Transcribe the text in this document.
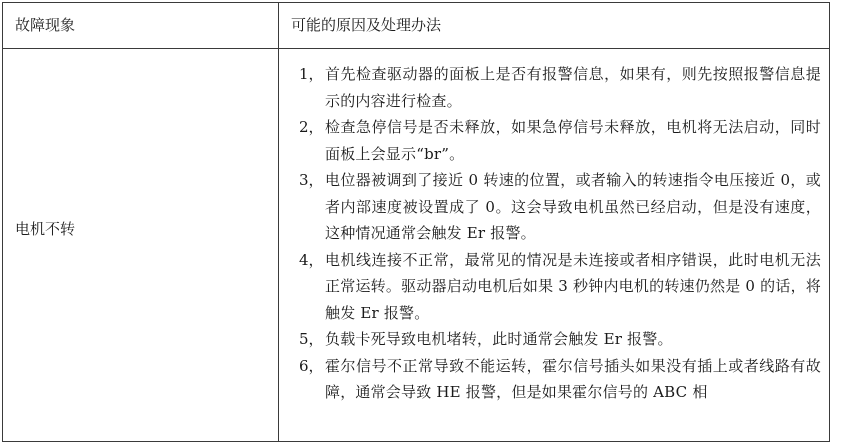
故障现象	可能的原因及处理办法
电机不转
1， 首先检查驱动器的面板上是否有报警信息，如果有，则先按照报警信息提示的内容进行检查。
2， 检查急停信号是否未释放，如果急停信号未释放，电机将无法启动，同时面板上会显示“br”。
3， 电位器被调到了接近 0 转速的位置，或者输入的转速指令电压接近 0，或者内部速度被设置成了 0。这会导致电机虽然已经启动，但是没有速度，这种情况通常会触发 Er 报警。
4， 电机线连接不正常，最常见的情况是未连接或者相序错误，此时电机无法正常运转。驱动器启动电机后如果 3 秒钟内电机的转速仍然是 0 的话，将触发 Er 报警。
5， 负载卡死导致电机堵转，此时通常会触发 Er 报警。
6， 霍尔信号不正常导致不能运转，霍尔信号插头如果没有插上或者线路有故障，通常会导致 HE 报警，但是如果霍尔信号的 ABC 相
